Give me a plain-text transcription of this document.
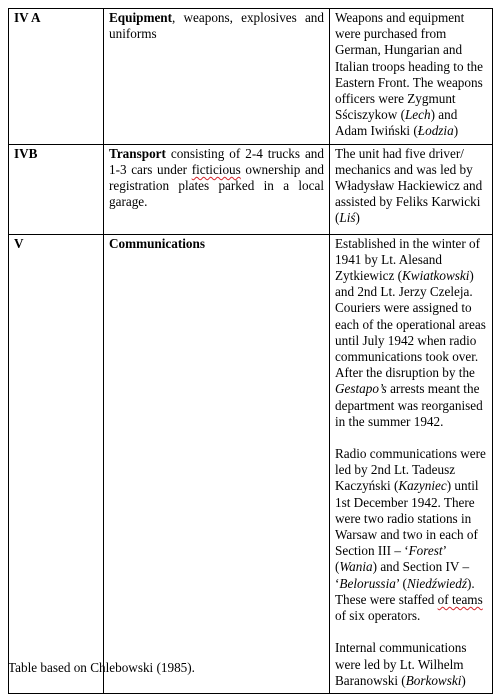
IV A	Equipment, weapons, explosives and uniforms	Weapons and equipment were purchased from German, Hungarian and Italian troops heading to the Eastern Front. The weapons officers were Zygmunt Sściszykow (Lech) and Adam Iwiński (Łodzia)
IVB	Transport consisting of 2-4 trucks and 1-3 cars under ficticious ownership and registration plates parked in a local garage.	The unit had five driver/ mechanics and was led by Władysław Hackiewicz and assisted by Feliks Karwicki (Liś)
V	Communications	Established in the winter of 1941 by Lt. Alesand Zytkiewicz (Kwiatkowski) and 2nd Lt. Jerzy Czeleja. Couriers were assigned to each of the operational areas until July 1942 when radio communications took over. After the disruption by the Gestapo’s arrests meant the department was reorganised in the summer 1942.
Radio communications were led by 2nd Lt. Tadeusz Kaczyński (Kazyniec) until 1st December 1942. There were two radio stations in Warsaw and two in each of Section III – ‘Forest’ (Wania) and Section IV – ‘Belorussia’ (Niedźwiedź). These were staffed of teams of six operators.
Internal communications were led by Lt. Wilhelm Baranowski (Borkowski)
Table based on Chlebowski (1985).
